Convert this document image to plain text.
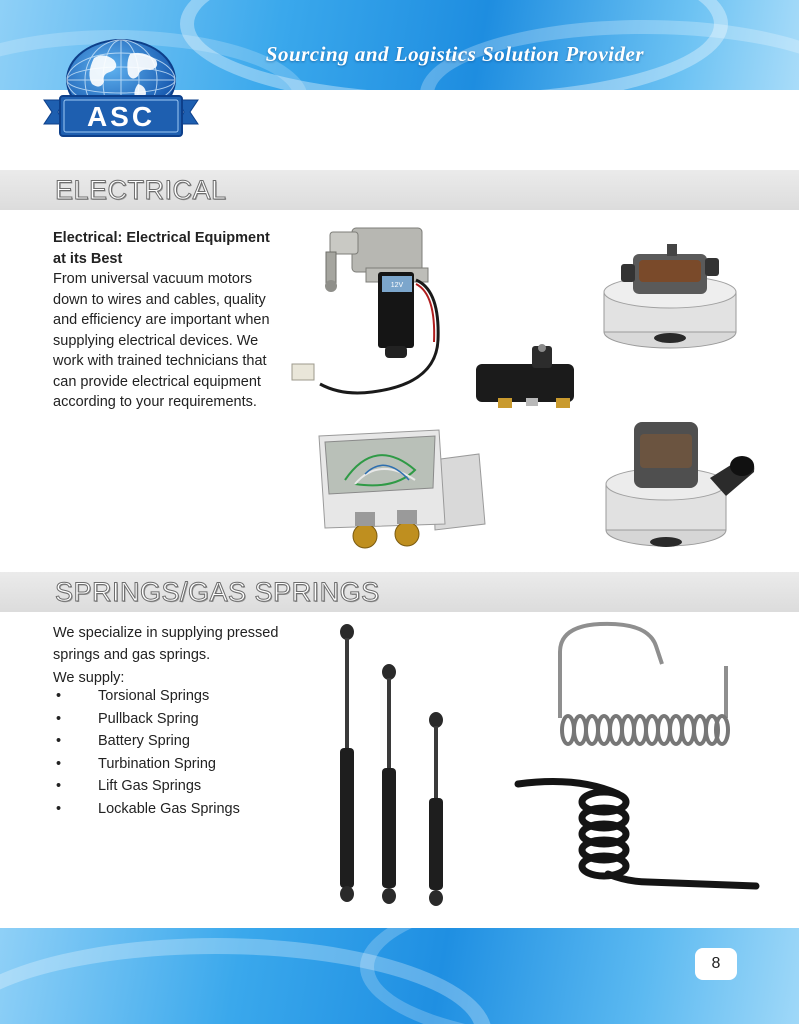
Sourcing and Logistics Solution Provider
ASC
ELECTRICAL
Electrical: Electrical Equipment
at its Best
From universal vacuum motors
down to wires and cables, quality
and efficiency are important when
supplying electrical devices. We
work with trained technicians that
can provide electrical equipment
according to your requirements.
12V
SPRINGS/GAS SPRINGS
We specialize in supplying pressed
springs and gas springs.
We supply:
• Torsional Springs
• Pullback Spring
• Battery Spring
• Turbination Spring
• Lift Gas Springs
• Lockable Gas Springs
8
